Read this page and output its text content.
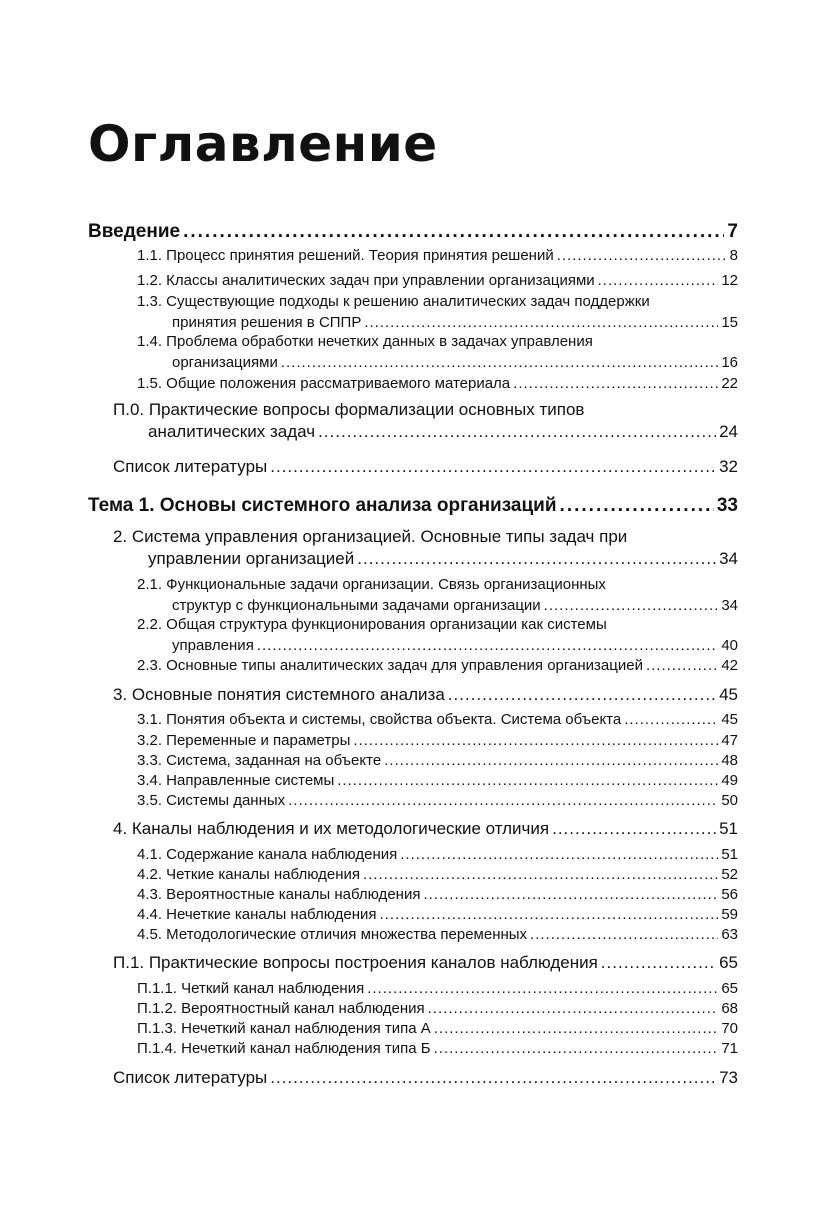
Оглавление
Введение .....	7
1.1. Процесс принятия решений. Теория принятия решений .....	8
1.2. Классы аналитических задач при управлении организациями .....	12
1.3. Существующие подходы к решению аналитических задач поддержки
принятия решения в СППР .....	15
1.4. Проблема обработки нечетких данных в задачах управления
организациями .....	16
1.5. Общие положения рассматриваемого материала .....	22
П.0. Практические вопросы формализации основных типов
аналитических задач .....	24
Список литературы .....	32
Тема 1. Основы системного анализа организаций .....	33
2. Система управления организацией. Основные типы задач при
управлении организацией .....	34
2.1. Функциональные задачи организации. Связь организационных
структур с функциональными задачами организации .....	34
2.2. Общая структура функционирования организации как системы
управления .....	40
2.3. Основные типы аналитических задач для управления организацией .....	42
3. Основные понятия системного анализа .....	45
3.1. Понятия объекта и системы, свойства объекта. Система объекта .....	45
3.2. Переменные и параметры .....	47
3.3. Система, заданная на объекте .....	48
3.4. Направленные системы .....	49
3.5. Системы данных .....	50
4. Каналы наблюдения и их методологические отличия .....	51
4.1. Содержание канала наблюдения .....	51
4.2. Четкие каналы наблюдения .....	52
4.3. Вероятностные каналы наблюдения .....	56
4.4. Нечеткие каналы наблюдения .....	59
4.5. Методологические отличия множества переменных .....	63
П.1. Практические вопросы построения каналов наблюдения .....	65
П.1.1. Четкий канал наблюдения .....	65
П.1.2. Вероятностный канал наблюдения .....	68
П.1.3. Нечеткий канал наблюдения типа А .....	70
П.1.4. Нечеткий канал наблюдения типа Б .....	71
Список литературы .....	73
